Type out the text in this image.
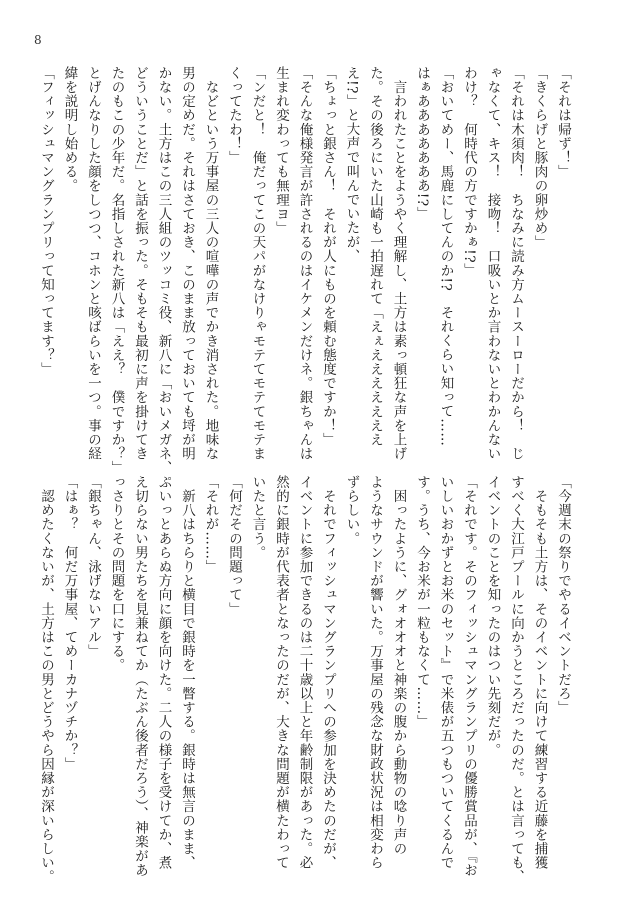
8
「それは帰ず！」
「きくらげと豚肉の卵炒め」
「それは木須肉！　ちなみに読み方ムースーローだから！　じ
ゃなくて、キス！　接吻！　口吸いとか言わないとわかんない
わけ？　何時代の方ですかぁ!?」
「おいてめー、馬鹿にしてんのか!?　それくらい知って……
はぁあああああああ!?」
　言われたことをようやく理解し、土方は素っ頓狂な声を上げ
た。その後ろにいた山崎も一拍遅れて「えぇえええええええ
え!?」と大声で叫んでいたが、
「ちょっと銀さん！　それが人にものを頼む態度ですか！」
「そんな俺様発言が許されるのはイケメンだけネ。銀ちゃんは
生まれ変わっても無理ヨ」
「ンだと！　俺だってこの天パがなけりゃモテてモテてモテま
くってたわ！」
　などという万事屋の三人の喧嘩の声でかき消された。地味な
男の定めだ。それはさておき、このまま放っておいても埒が明
かない。土方はこの三人組のツッコミ役、新八に「おいメガネ、
どういうことだ」と話を振った。そもそも最初に声を掛けてき
たのもこの少年だ。名指しされた新八は「ええ？　僕ですか？」
とげんなりした顔をしつつ、コホンと咳ばらいを一つ。事の経
緯を説明し始める。
「フィッシュマングランプリって知ってます？」
「今週末の祭りでやるイベントだろ」
　そもそも土方は、そのイベントに向けて練習する近藤を捕獲
すべく大江戸プールに向かうところだったのだ。とは言っても、
イベントのことを知ったのはつい先刻だが。
「それです。そのフィッシュマングランプリの優勝賞品が、『お
いしいおかずとお米のセット』で米俵が五つもついてくるんで
す。うち、今お米が一粒もなくて……」
　困ったように、グォオオオと神楽の腹から動物の唸り声の
ようなサウンドが響いた。万事屋の残念な財政状況は相変わら
ずらしい。
　それでフィッシュマングランプリへの参加を決めたのだが、
イベントに参加できるのは二十歳以上と年齢制限があった。必
然的に銀時が代表者となったのだが、大きな問題が横たわって
いたと言う。
「何だその問題って」
「それが……」
　新八はちらりと横目で銀時を一瞥する。銀時は無言のまま、
ぷいっとあらぬ方向に顔を向けた。二人の様子を受けてか、煮
え切らない男たちを見兼ねてか（たぶん後者だろう）、神楽があ
っさりとその問題を口にする。
「銀ちゃん、泳げないアル」
「はぁ？　何だ万事屋、てめーカナヅチか？」
　認めたくないが、土方はこの男とどうやら因縁が深いらしい。
